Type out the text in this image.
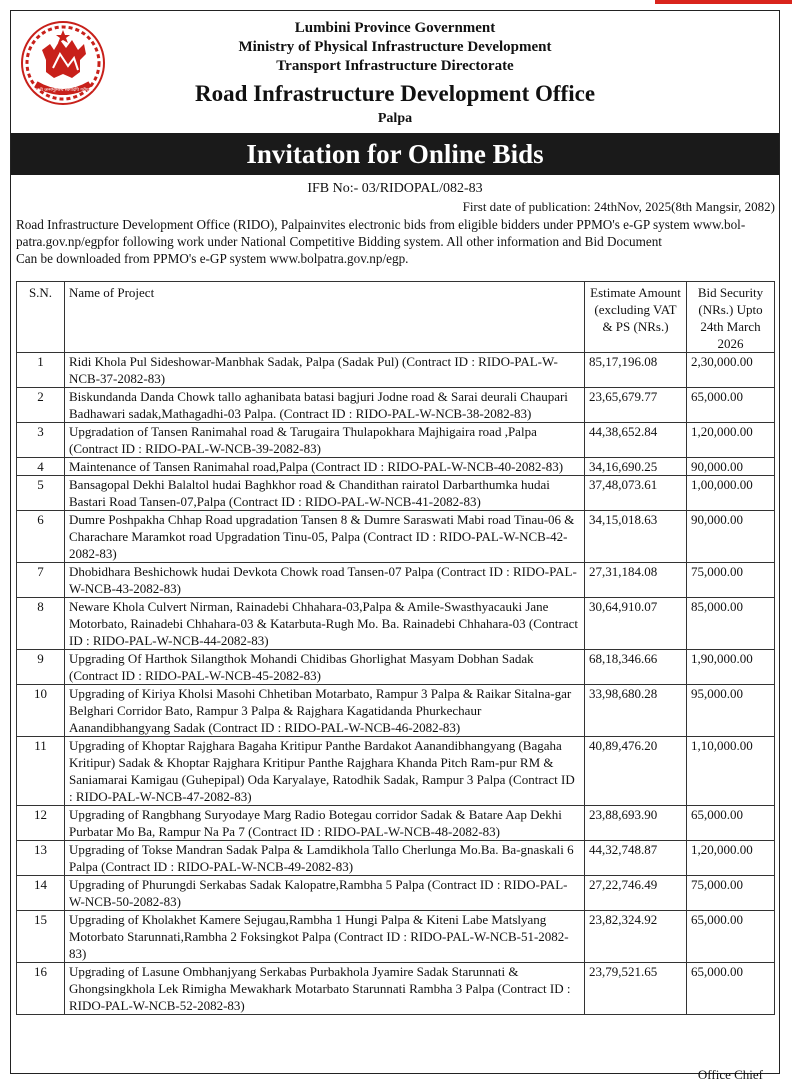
जननी जन्मभूमिश्च स्वर्गादपि गरीयसी
Lumbini Province Government
Ministry of Physical Infrastructure Development
Transport Infrastructure Directorate
Road Infrastructure Development Office
Palpa
Invitation for Online Bids
IFB No:- 03/RIDOPAL/082-83
First date of publication: 24thNov, 2025(8th Mangsir, 2082)
Road Infrastructure Development Office (RIDO), Palpainvites electronic bids from eligible bidders under PPMO's e-GP system www.bol-
patra.gov.np/egpfor following work under National Competitive Bidding system. All other information and Bid Document
Can be downloaded from PPMO's e-GP system www.bolpatra.gov.np/egp.
S.N.	Name of Project	Estimate Amount (excluding VAT & PS (NRs.)	Bid Security (NRs.) Upto 24th March 2026
1	Ridi Khola Pul Sideshowar-Manbhak Sadak, Palpa (Sadak Pul) (Contract ID : RIDO-PAL-W-NCB-37-2082-83)	85,17,196.08	2,30,000.00
2	Biskundanda Danda Chowk tallo aghanibata batasi bagjuri Jodne road & Sarai deurali Chaupari Badhawari sadak,Mathagadhi-03 Palpa. (Contract ID : RIDO-PAL-W-NCB-38-2082-83)	23,65,679.77	65,000.00
3	Upgradation of Tansen Ranimahal road & Tarugaira Thulapokhara Majhigaira road ,Palpa (Contract ID : RIDO-PAL-W-NCB-39-2082-83)	44,38,652.84	1,20,000.00
4	Maintenance of Tansen Ranimahal road,Palpa (Contract ID : RIDO-PAL-W-NCB-40-2082-83)	34,16,690.25	90,000.00
5	Bansagopal Dekhi Balaltol hudai Baghkhor road & Chandithan rairatol Darbarthumka hudai Bastari Road Tansen-07,Palpa (Contract ID : RIDO-PAL-W-NCB-41-2082-83)	37,48,073.61	1,00,000.00
6	Dumre Poshpakha Chhap Road upgradation Tansen 8 & Dumre Saraswati Mabi road Tinau-06 & Charachare Maramkot road Upgradation Tinu-05, Palpa (Contract ID : RIDO-PAL-W-NCB-42-2082-83)	34,15,018.63	90,000.00
7	Dhobidhara Beshichowk hudai Devkota Chowk road Tansen-07 Palpa (Contract ID : RIDO-PAL-W-NCB-43-2082-83)	27,31,184.08	75,000.00
8	Neware Khola Culvert Nirman, Rainadebi Chhahara-03,Palpa & Amile-Swasthyacauki Jane Motorbato, Rainadebi Chhahara-03 & Katarbuta-Rugh Mo. Ba. Rainadebi Chhahara-03 (Contract ID : RIDO-PAL-W-NCB-44-2082-83)	30,64,910.07	85,000.00
9	Upgrading Of Harthok Silangthok Mohandi Chidibas Ghorlighat Masyam Dobhan Sadak (Contract ID : RIDO-PAL-W-NCB-45-2082-83)	68,18,346.66	1,90,000.00
10	Upgrading of Kiriya Kholsi Masohi Chhetiban Motarbato, Rampur 3 Palpa & Raikar Sitalna-gar Belghari Corridor Bato, Rampur 3 Palpa & Rajghara Kagatidanda Phurkechaur Aanandibhangyang Sadak (Contract ID : RIDO-PAL-W-NCB-46-2082-83)	33,98,680.28	95,000.00
11	Upgrading of Khoptar Rajghara Bagaha Kritipur Panthe Bardakot Aanandibhangyang (Bagaha Kritipur) Sadak & Khoptar Rajghara Kritipur Panthe Rajghara Khanda Pitch Ram-pur RM & Saniamarai Kamigau (Guhepipal) Oda Karyalaye, Ratodhik Sadak, Rampur 3 Palpa (Contract ID : RIDO-PAL-W-NCB-47-2082-83)	40,89,476.20	1,10,000.00
12	Upgrading of Rangbhang Suryodaye Marg Radio Botegau corridor Sadak & Batare Aap Dekhi Purbatar Mo Ba, Rampur Na Pa 7 (Contract ID : RIDO-PAL-W-NCB-48-2082-83)	23,88,693.90	65,000.00
13	Upgrading of Tokse Mandran Sadak Palpa & Lamdikhola Tallo Cherlunga Mo.Ba. Ba-gnaskali 6 Palpa (Contract ID : RIDO-PAL-W-NCB-49-2082-83)	44,32,748.87	1,20,000.00
14	Upgrading of Phurungdi Serkabas Sadak Kalopatre,Rambha 5 Palpa (Contract ID : RIDO-PAL-W-NCB-50-2082-83)	27,22,746.49	75,000.00
15	Upgrading of Kholakhet Kamere Sejugau,Rambha 1 Hungi Palpa & Kiteni Labe Matslyang Motorbato Starunnati,Rambha 2 Foksingkot Palpa (Contract ID : RIDO-PAL-W-NCB-51-2082-83)	23,82,324.92	65,000.00
16	Upgrading of Lasune Ombhanjyang Serkabas Purbakhola Jyamire Sadak Starunnati & Ghongsingkhola Lek Rimigha Mewakhark Motarbato Starunnati Rambha 3 Palpa (Contract ID : RIDO-PAL-W-NCB-52-2082-83)	23,79,521.65	65,000.00
Office Chief
